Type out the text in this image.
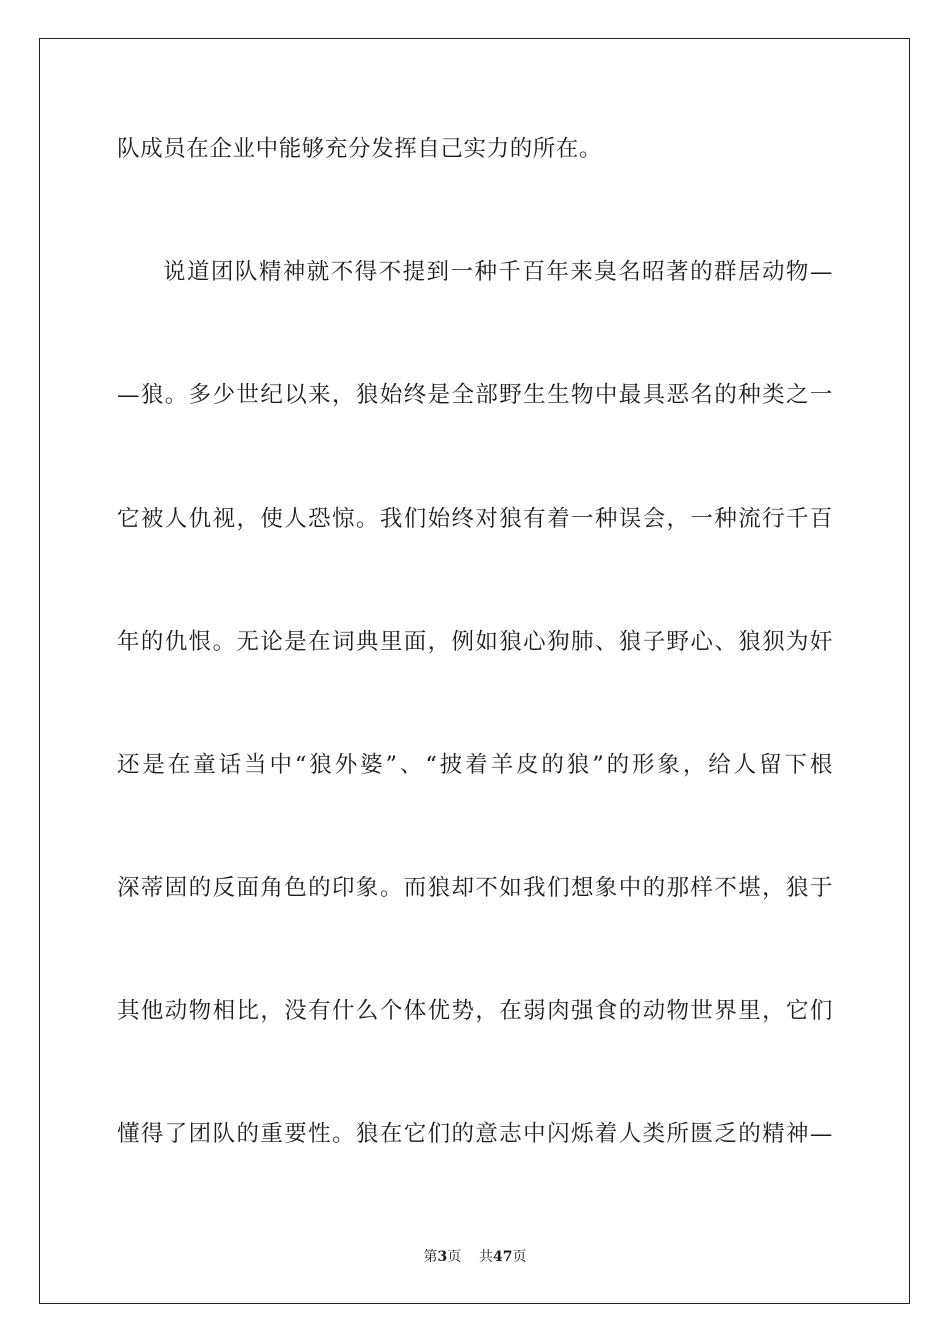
队成员在企业中能够充分发挥自己实力的所在。
说道团队精神就不得不提到一种千百年来臭名昭著的群居动物—
—狼。多少世纪以来，狼始终是全部野生生物中最具恶名的种类之一
它被人仇视，使人恐惊。我们始终对狼有着一种误会，一种流行千百
年的仇恨。无论是在词典里面，例如狼心狗肺、狼子野心、狼狈为奸
还是在童话当中“狼外婆”、“披着羊皮的狼”的形象，给人留下根
深蒂固的反面角色的印象。而狼却不如我们想象中的那样不堪，狼于
其他动物相比，没有什么个体优势，在弱肉强食的动物世界里，它们
懂得了团队的重要性。狼在它们的意志中闪烁着人类所匮乏的精神—
第3页 共47页
